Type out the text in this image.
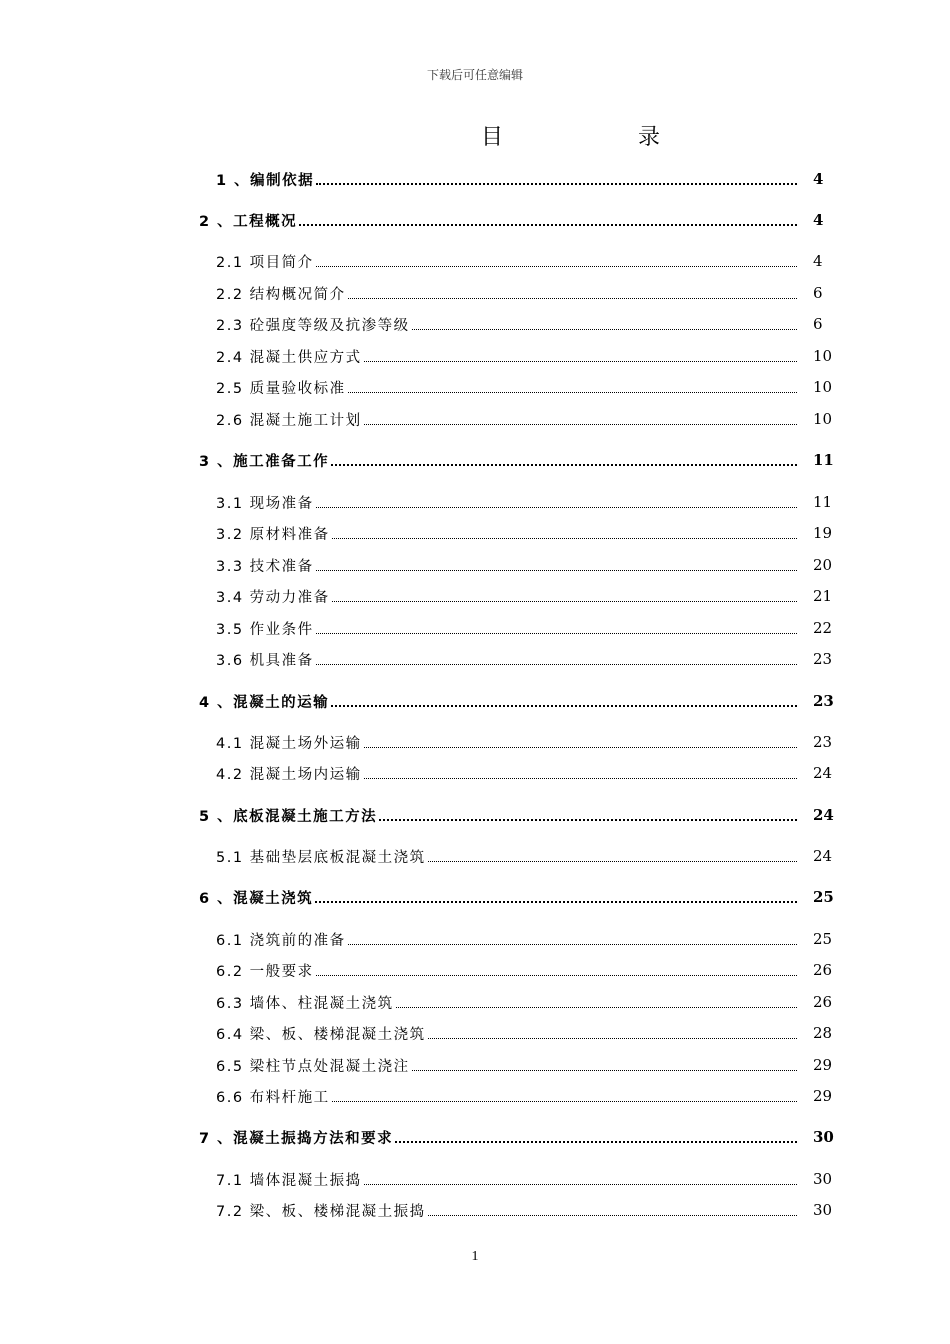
下载后可任意编辑
目	录
1 、编制依据	4
2 、工程概况	4
2.1 项目简介	4
2.2 结构概况简介	6
2.3 砼强度等级及抗渗等级	6
2.4 混凝土供应方式	10
2.5 质量验收标准	10
2.6 混凝土施工计划	10
3 、施工准备工作	11
3.1 现场准备	11
3.2 原材料准备	19
3.3 技术准备	20
3.4 劳动力准备	21
3.5 作业条件	22
3.6 机具准备	23
4 、混凝土的运输	23
4.1 混凝土场外运输	23
4.2 混凝土场内运输	24
5 、底板混凝土施工方法	24
5.1 基础垫层底板混凝土浇筑	24
6 、混凝土浇筑	25
6.1 浇筑前的准备	25
6.2 一般要求	26
6.3 墙体、柱混凝土浇筑	26
6.4 梁、板、楼梯混凝土浇筑	28
6.5 梁柱节点处混凝土浇注	29
6.6 布料杆施工	29
7 、混凝土振捣方法和要求	30
7.1 墙体混凝土振捣	30
7.2 梁、板、楼梯混凝土振捣	30
1
